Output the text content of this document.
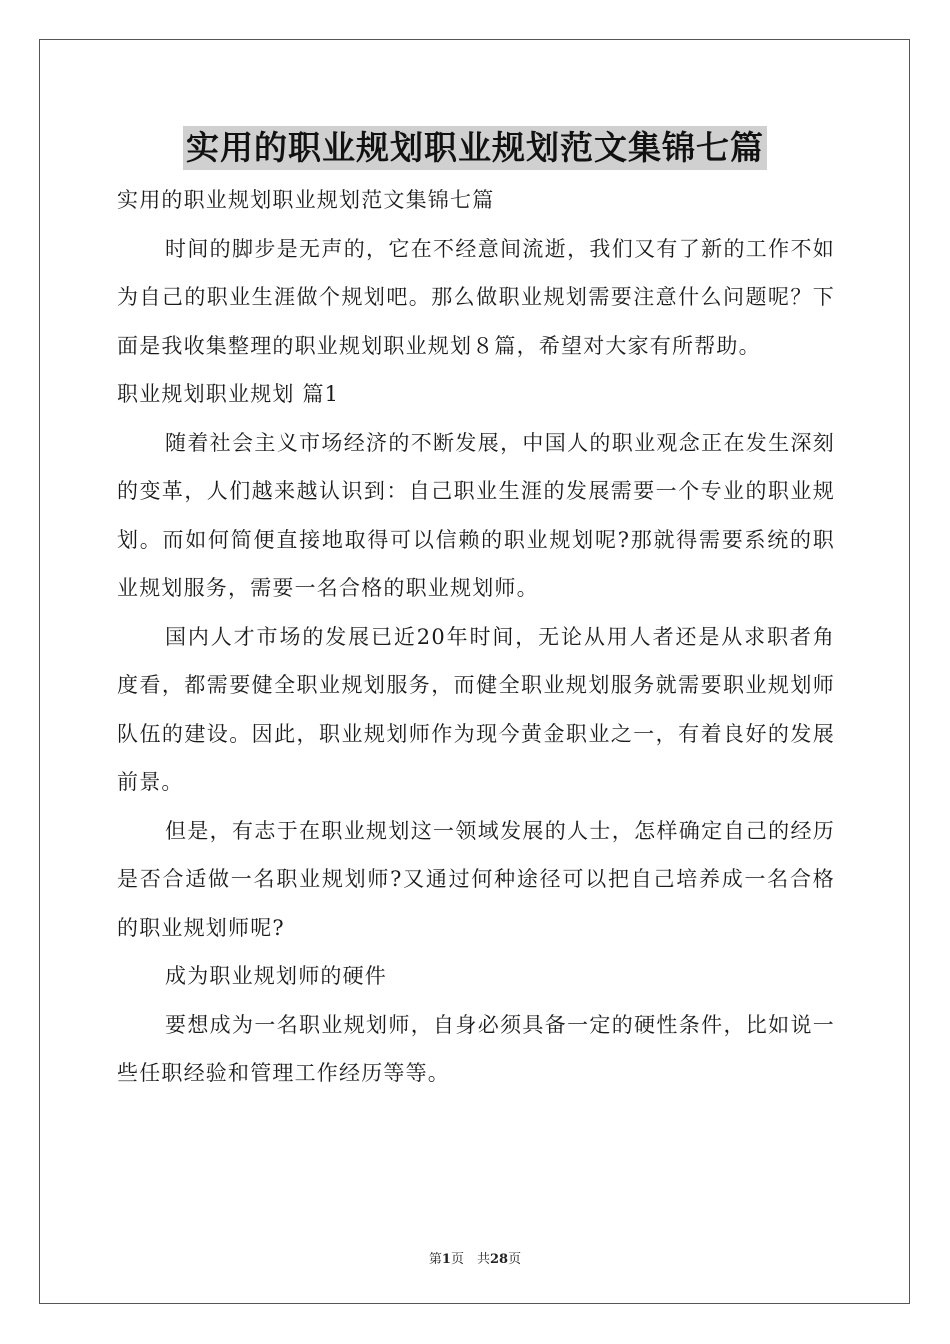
实用的职业规划职业规划范文集锦七篇

实用的职业规划职业规划范文集锦七篇

时间的脚步是无声的，它在不经意间流逝，我们又有了新的工作不如为自己的职业生涯做个规划吧。那么做职业规划需要注意什么问题呢？下面是我收集整理的职业规划职业规划８篇，希望对大家有所帮助。

职业规划职业规划 篇1

随着社会主义市场经济的不断发展，中国人的职业观念正在发生深刻的变革，人们越来越认识到：自己职业生涯的发展需要一个专业的职业规划。而如何简便直接地取得可以信赖的职业规划呢?那就得需要系统的职业规划服务，需要一名合格的职业规划师。

国内人才市场的发展已近20年时间，无论从用人者还是从求职者角度看，都需要健全职业规划服务，而健全职业规划服务就需要职业规划师队伍的建设。因此，职业规划师作为现今黄金职业之一，有着良好的发展前景。

但是，有志于在职业规划这一领域发展的人士，怎样确定自己的经历是否合适做一名职业规划师?又通过何种途径可以把自己培养成一名合格的职业规划师呢?

成为职业规划师的硬件

要想成为一名职业规划师，自身必须具备一定的硬性条件，比如说一些任职经验和管理工作经历等等。

第1页　共28页
